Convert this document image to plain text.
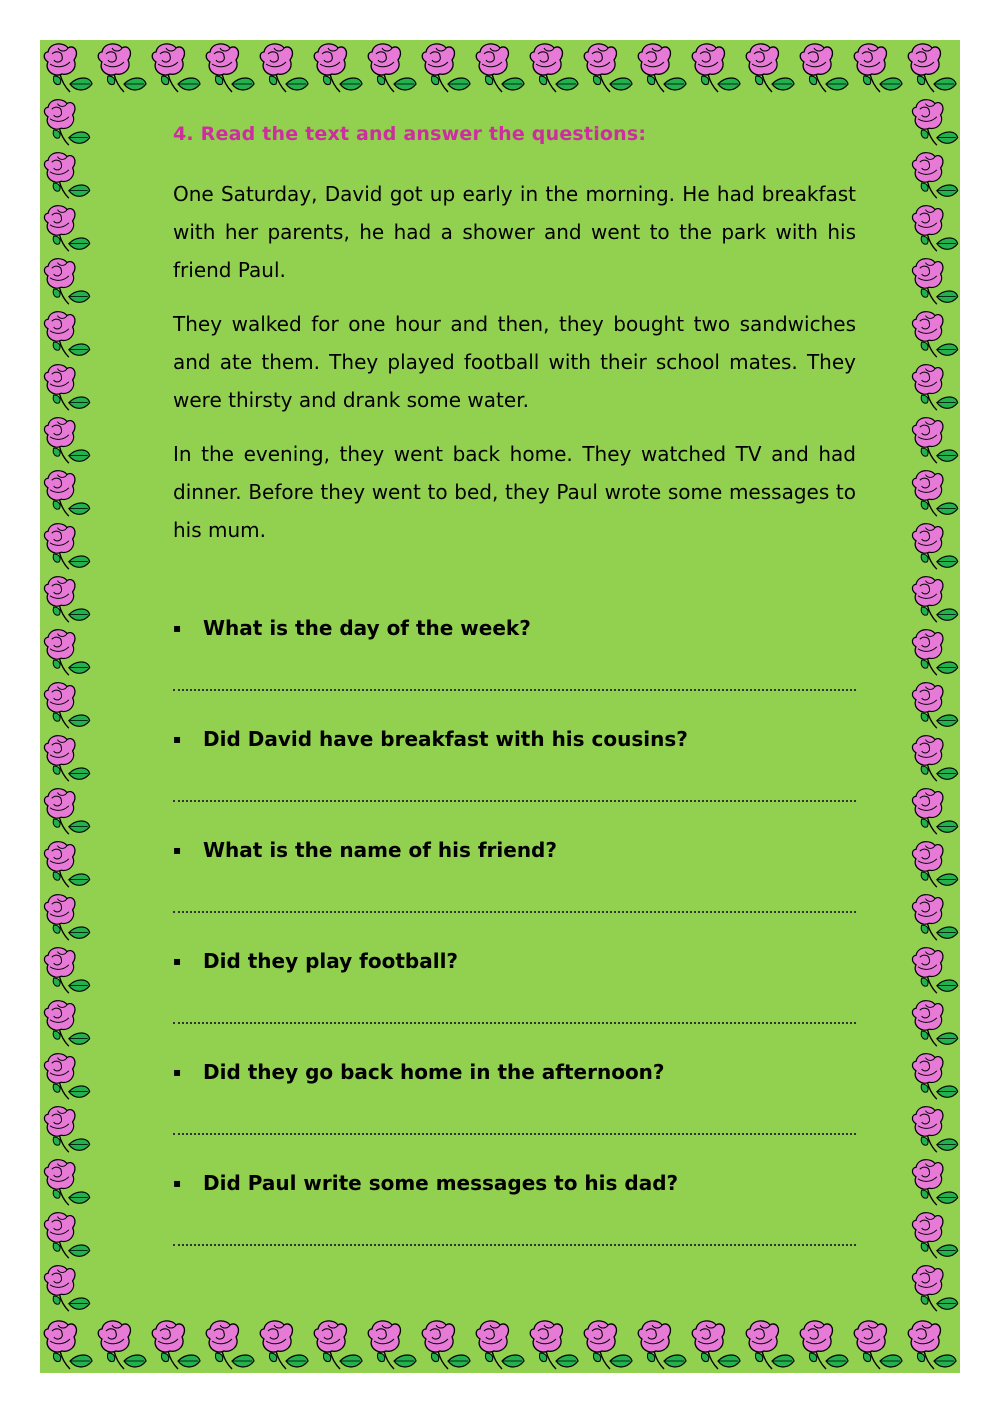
4. Read the text and answer the questions:

One Saturday, David got up early in the morning. He had breakfast with her parents, he had a shower and went to the park with his friend Paul.

They walked for one hour and then, they bought two sandwiches and ate them. They played football with their school mates. They were thirsty and drank some water.

In the evening, they went back home. They watched TV and had dinner. Before they went to bed, they Paul wrote some messages to his mum.

▪	What is the day of the week?
▪	Did David have breakfast with his cousins?
▪	What is the name of his friend?
▪	Did they play football?
▪	Did they go back home in the afternoon?
▪	Did Paul write some messages to his dad?
